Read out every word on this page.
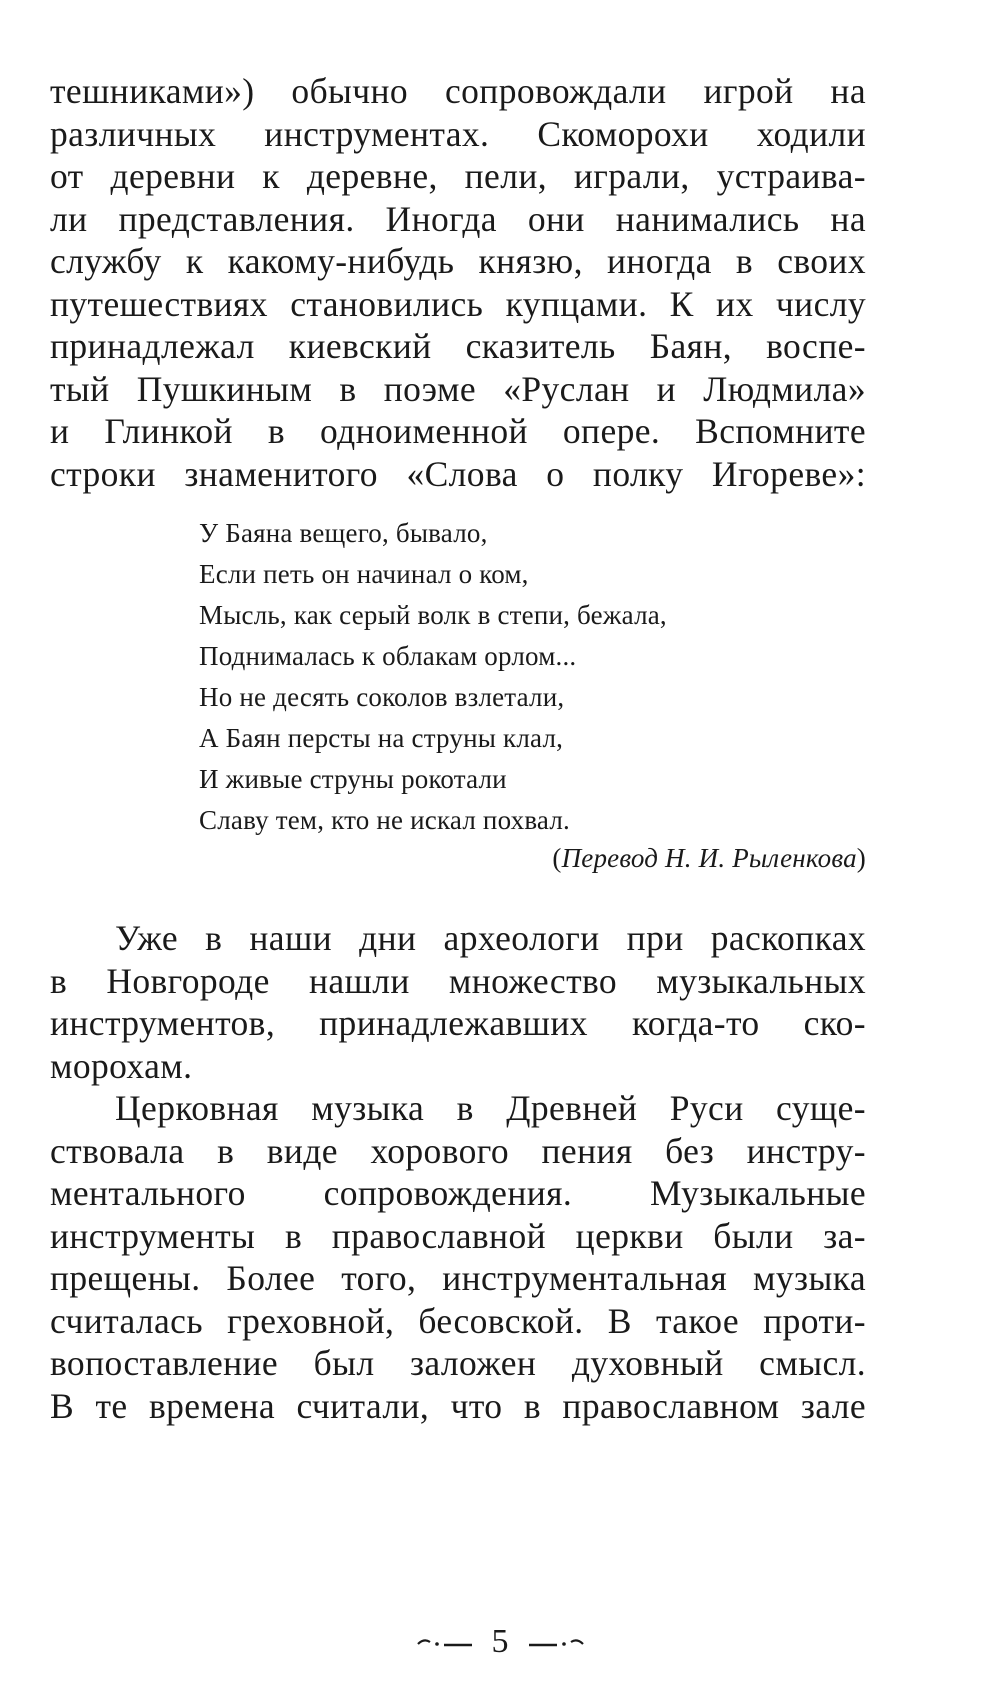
тешниками») обычно сопровождали игрой на
различных инструментах. Скоморохи ходили
от деревни к деревне, пели, играли, устраива-
ли представления. Иногда они нанимались на
службу к какому-нибудь князю, иногда в своих
путешествиях становились купцами. К их числу
принадлежал киевский сказитель Баян, воспе-
тый Пушкиным в поэме «Руслан и Людмила»
и Глинкой в одноименной опере. Вспомните
строки знаменитого «Слова о полку Игореве»:
У Баяна вещего, бывало,
Если петь он начинал о ком,
Мысль, как серый волк в степи, бежала,
Поднималась к облакам орлом...
Но не десять соколов взлетали,
А Баян персты на струны клал,
И живые струны рокотали
Славу тем, кто не искал похвал.
(Перевод Н. И. Рыленкова)
Уже в наши дни археологи при раскопках
в Новгороде нашли множество музыкальных
инструментов, принадлежавших когда-то ско-
морохам.
Церковная музыка в Древней Руси суще-
ствовала в виде хорового пения без инстру-
ментального сопровождения. Музыкальные
инструменты в православной церкви были за-
прещены. Более того, инструментальная музыка
считалась греховной, бесовской. В такое проти-
вопоставление был заложен духовный смысл.
В те времена считали, что в православном зале
5
